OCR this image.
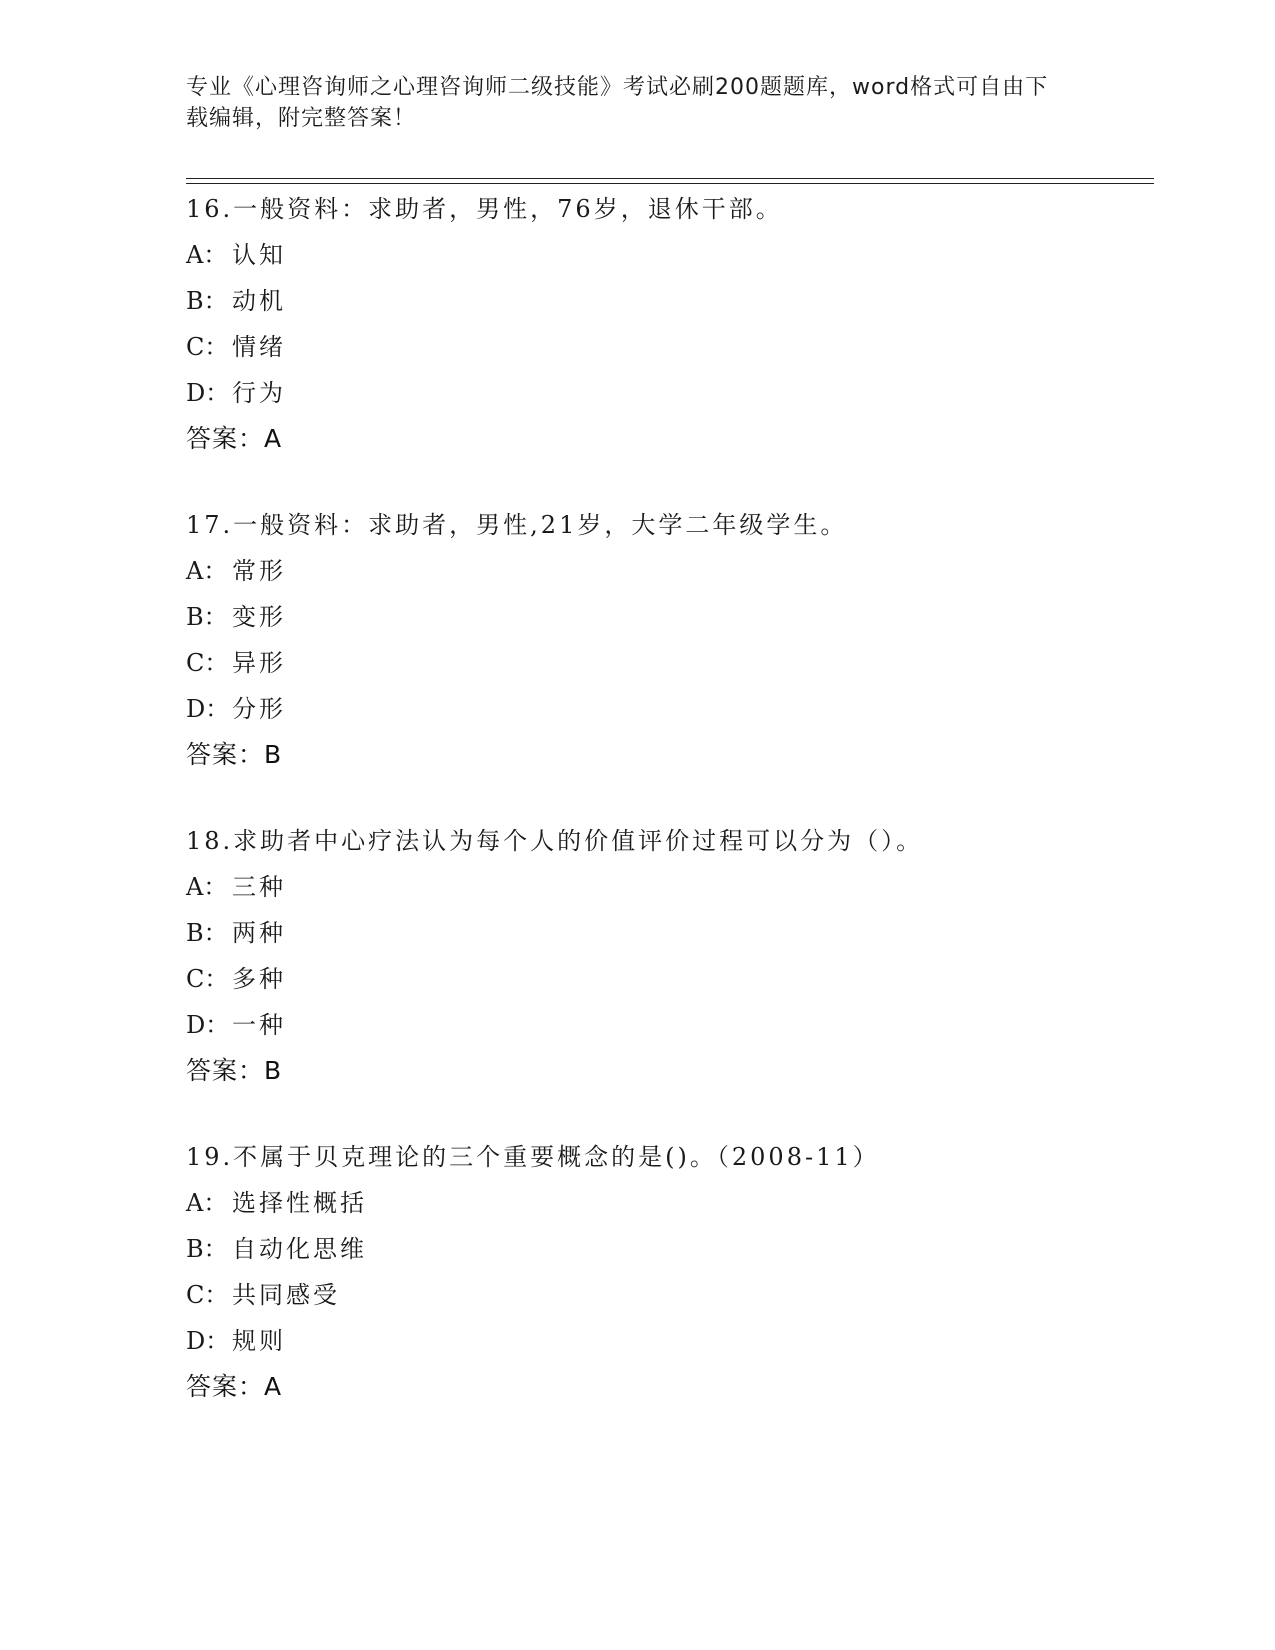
专业《心理咨询师之心理咨询师二级技能》考试必刷200题题库，word格式可自由下载编辑，附完整答案！
16.一般资料：求助者，男性，76岁，退休干部。
A： 认知
B： 动机
C： 情绪
D： 行为
答案：A
17.一般资料：求助者，男性,21岁，大学二年级学生。
A： 常形
B： 变形
C： 异形
D： 分形
答案：B
18.求助者中心疗法认为每个人的价值评价过程可以分为（）。
A： 三种
B： 两种
C： 多种
D： 一种
答案：B
19.不属于贝克理论的三个重要概念的是()。（2008-11）
A： 选择性概括
B： 自动化思维
C： 共同感受
D： 规则
答案：A
